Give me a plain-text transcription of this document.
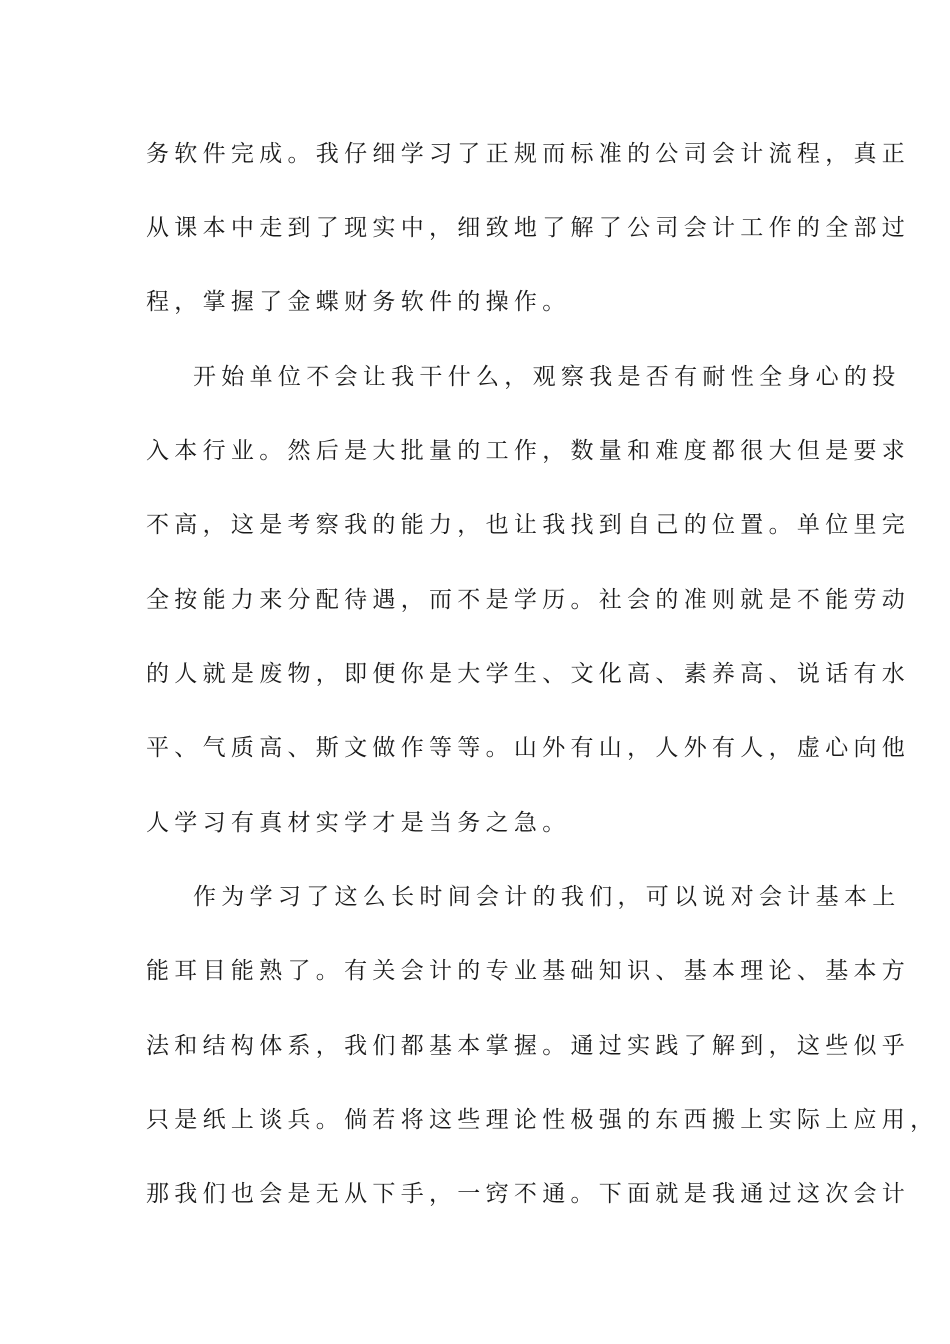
务软件完成。我仔细学习了正规而标准的公司会计流程，真正
从课本中走到了现实中，细致地了解了公司会计工作的全部过
程，掌握了金蝶财务软件的操作。
开始单位不会让我干什么，观察我是否有耐性全身心的投
入本行业。然后是大批量的工作，数量和难度都很大但是要求
不高，这是考察我的能力，也让我找到自己的位置。单位里完
全按能力来分配待遇，而不是学历。社会的准则就是不能劳动
的人就是废物，即便你是大学生、文化高、素养高、说话有水
平、气质高、斯文做作等等。山外有山，人外有人，虚心向他
人学习有真材实学才是当务之急。
作为学习了这么长时间会计的我们，可以说对会计基本上
能耳目能熟了。有关会计的专业基础知识、基本理论、基本方
法和结构体系，我们都基本掌握。通过实践了解到，这些似乎
只是纸上谈兵。倘若将这些理论性极强的东西搬上实际上应用，
那我们也会是无从下手，一窍不通。下面就是我通过这次会计
